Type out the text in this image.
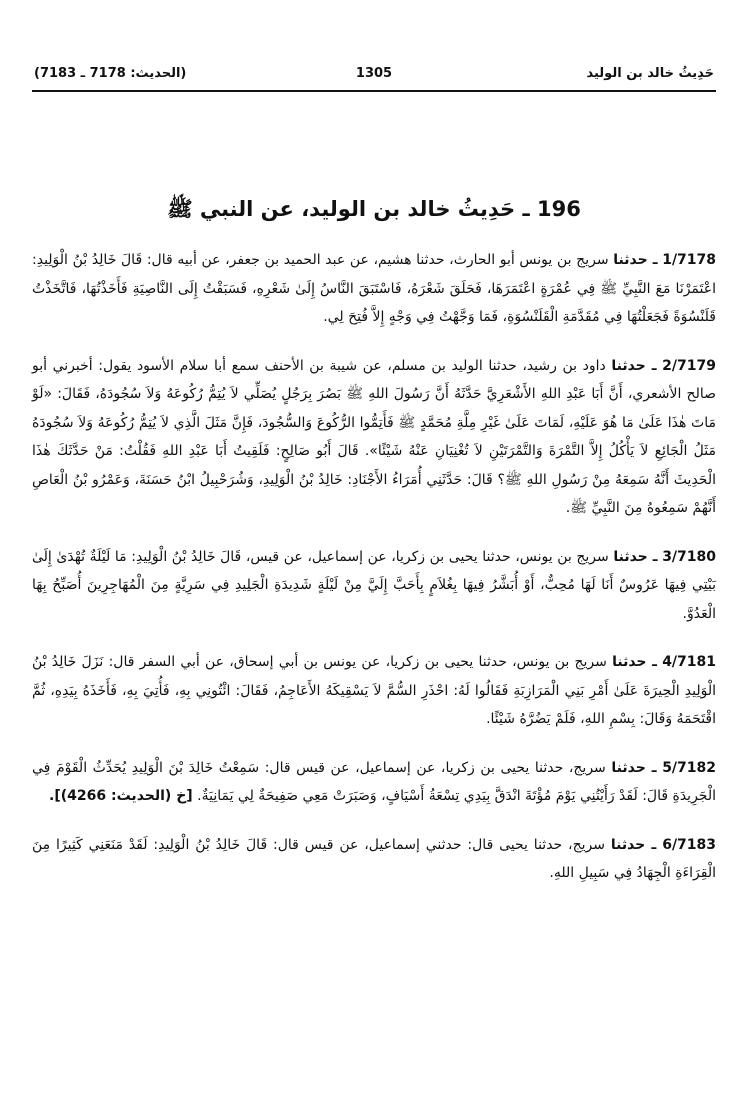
حَدِيثُ خالد بن الوليد
1305
(الحديث: 7178 ـ 7183)
196 ـ حَدِيثُ خالد بن الوليد، عن النبي ﷺ

1/7178 ـ حدثنا سريج بن يونس أبو الحارث، حدثنا هشيم، عن عبد الحميد بن جعفر، عن أبيه قال: قَالَ خَالِدُ بْنُ الْوَلِيدِ: اعْتَمَرْنَا مَعَ النَّبِيِّ ﷺ فِي عُمْرَةٍ اعْتَمَرَهَا، فَحَلَقَ شَعْرَهُ، فَاسْتَبَقَ النَّاسُ إِلَىٰ شَعْرِهِ، فَسَبَقْتُ إِلَى النَّاصِيَةِ فَأَخَذْتُهَا، فَاتَّخَذْتُ قَلَنْسُوَةً فَجَعَلْتُهَا فِي مُقَدَّمَةِ الْقَلَنْسُوَةِ، فَمَا وَجَّهْتُ فِي وَجْهٍ إِلاَّ فُتِحَ لِي.

2/7179 ـ حدثنا داود بن رشيد، حدثنا الوليد بن مسلم، عن شيبة بن الأحنف سمع أبا سلام الأسود يقول: أخبرني أبو صالح الأشعري، أَنَّ أَبَا عَبْدِ اللهِ الأَشْعَرِيَّ حَدَّثَهُ أَنَّ رَسُولَ اللهِ ﷺ بَصُرَ بِرَجُلٍ يُصَلِّي لاَ يُتِمُّ رُكُوعَهُ وَلاَ سُجُودَهُ، فَقَالَ: «لَوْ مَاتَ هٰذَا عَلَىٰ مَا هُوَ عَلَيْهِ، لَمَاتَ عَلَىٰ غَيْرِ مِلَّةِ مُحَمَّدٍ ﷺ فَأَتِمُّوا الرُّكُوعَ وَالسُّجُودَ، فَإِنَّ مَثَلَ الَّذِي لاَ يُتِمُّ رُكُوعَهُ وَلاَ سُجُودَهُ مَثَلُ الْجَائِعِ لاَ يَأْكُلُ إِلاَّ التَّمْرَةَ وَالتَّمْرَتَيْنِ لاَ تُغْنِيَانِ عَنْهُ شَيْئًا». قَالَ أَبُو صَالِحٍ: فَلَقِيتُ أَبَا عَبْدِ اللهِ فَقُلْتُ: مَنْ حَدَّثَكَ هٰذَا الْحَدِيثَ أَنَّهُ سَمِعَهُ مِنْ رَسُولِ اللهِ ﷺ؟ قَالَ: حَدَّثَنِي أُمَرَاءُ الأَجْنَادِ: خَالِدُ بْنُ الْوَلِيدِ، وَشُرَحْبِيلُ ابْنُ حَسَنَةَ، وَعَمْرُو بْنُ الْعَاصِ أَنَّهُمْ سَمِعُوهُ مِنَ النَّبِيِّ ﷺ.

3/7180 ـ حدثنا سريج بن يونس، حدثنا يحيى بن زكريا، عن إسماعيل، عن قيس، قَالَ خَالِدُ بْنُ الْوَلِيدِ: مَا لَيْلَةٌ تُهْدَىٰ إِلَىٰ بَيْتِي فِيهَا عَرُوسٌ أَنَا لَهَا مُحِبٌّ، أَوْ أُبَشَّرُ فِيهَا بِغُلاَمٍ بِأَحَبَّ إِلَيَّ مِنْ لَيْلَةٍ شَدِيدَةِ الْجَلِيدِ فِي سَرِيَّةٍ مِنَ الْمُهَاجِرِينَ أُصَبِّحُ بِهَا الْعَدُوَّ.

4/7181 ـ حدثنا سريج بن يونس، حدثنا يحيى بن زكريا، عن يونس بن أبي إسحاق، عن أبي السفر قال: نَزَلَ خَالِدُ بْنُ الْوَلِيدِ الْحِيرَةَ عَلَىٰ أَمْرِ بَنِي الْمَرَازِبَةِ فَقَالُوا لَهُ: احْذَرِ السُّمَّ لاَ يَسْقِيكَهُ الأَعَاجِمُ، فَقَالَ: ائْتُونِي بِهِ، فَأُتِيَ بِهِ، فَأَخَذَهُ بِيَدِهِ، ثُمَّ اقْتَحَمَهُ وَقَالَ: بِسْمِ اللهِ، فَلَمْ يَضُرَّهُ شَيْئًا.

5/7182 ـ حدثنا سريج، حدثنا يحيى بن زكريا، عن إسماعيل، عن قيس قال: سَمِعْتُ خَالِدَ بْنَ الْوَلِيدِ يُحَدِّثُ الْقَوْمَ فِي الْجَرِيدَةِ قَالَ: لَقَدْ رَأَيْتُنِي يَوْمَ مُؤْتَةَ انْدَقَّ بِيَدِي تِسْعَةُ أَسْيَافٍ، وَصَبَرَتْ مَعِي صَفِيحَةٌ لِي يَمَانِيَةٌ. [خ (الحديث: 4266)].

6/7183 ـ حدثنا سريج، حدثنا يحيى قال: حدثني إسماعيل، عن قيس قال: قَالَ خَالِدُ بْنُ الْوَلِيدِ: لَقَدْ مَنَعَنِي كَثِيرًا مِنَ الْقِرَاءَةِ الْجِهَادُ فِي سَبِيلِ اللهِ.
